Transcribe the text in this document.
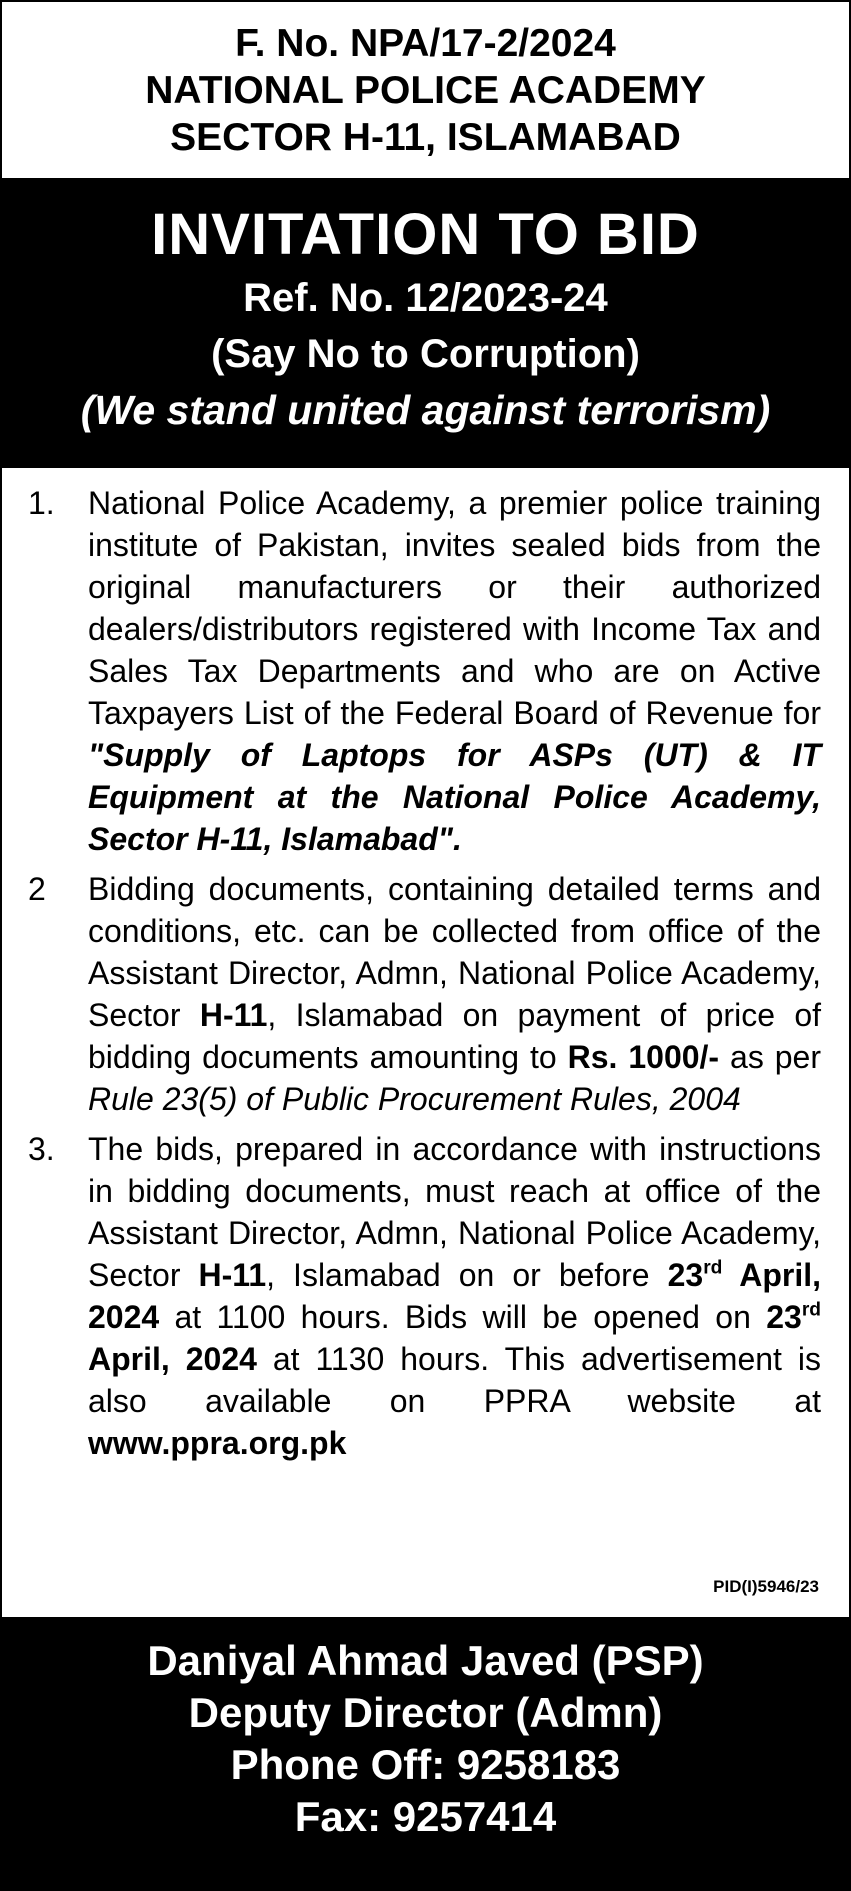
F. No. NPA/17-2/2024
NATIONAL POLICE ACADEMY
SECTOR H-11, ISLAMABAD
INVITATION TO BID
Ref. No. 12/2023-24
(Say No to Corruption)
(We stand united against terrorism)
1.	National Police Academy, a premier police training institute of Pakistan, invites sealed bids from the original manufacturers or their authorized dealers/distributors registered with Income Tax and Sales Tax Departments and who are on Active Taxpayers List of the Federal Board of Revenue for "Supply of Laptops for ASPs (UT) & IT Equipment at the National Police Academy, Sector H-11, Islamabad".
2	Bidding documents, containing detailed terms and conditions, etc. can be collected from office of the Assistant Director, Admn, National Police Academy, Sector H-11, Islamabad on payment of price of bidding documents amounting to Rs. 1000/- as per Rule 23(5) of Public Procurement Rules, 2004
3.	The bids, prepared in accordance with instructions in bidding documents, must reach at office of the Assistant Director, Admn, National Police Academy, Sector H-11, Islamabad on or before 23rd April, 2024 at 1100 hours. Bids will be opened on 23rd April, 2024 at 1130 hours. This advertisement is also available on PPRA website at www.ppra.org.pk
PID(I)5946/23
Daniyal Ahmad Javed (PSP)
Deputy Director (Admn)
Phone Off: 9258183
Fax: 9257414
